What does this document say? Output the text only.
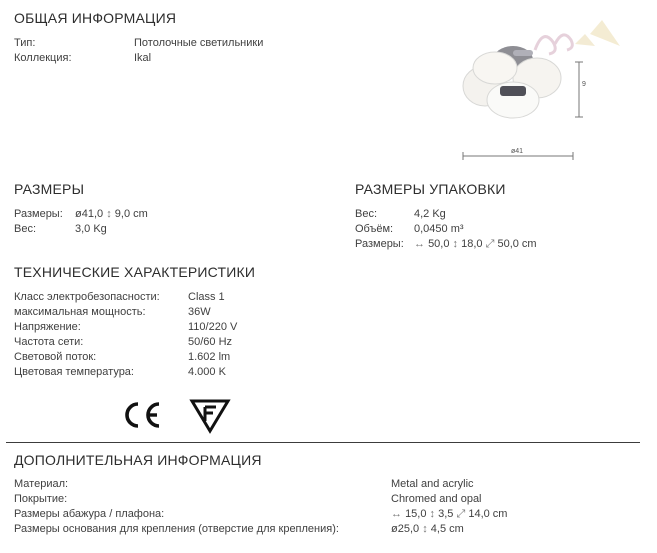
ОБЩАЯ ИНФОРМАЦИЯ
Тип:	Потолочные светильники
Коллекция:	Ikal
9
ø41
РАЗМЕРЫ
Размеры: ø41,0 ↕ 9,0 cm
Вес:	3,0 Kg
РАЗМЕРЫ УПАКОВКИ
Вес:	4,2 Kg
Объём: 0,0450 m³
Размеры: ↔ 50,0 ↕ 18,0 ⤢ 50,0 cm
ТЕХНИЧЕСКИЕ ХАРАКТЕРИСТИКИ
Класс электробезопасности:	Class 1
максимальная мощность:	36W
Напряжение:	110/220 V
Частота сети:	50/60 Hz
Световой поток:	1.602 lm
Цветовая температура:	4.000 K
ДОПОЛНИТЕЛЬНАЯ ИНФОРМАЦИЯ
Материал:	Metal and acrylic
Покрытие:	Chromed and opal
Размеры абажура / плафона:	↔ 15,0 ↕ 3,5 ⤢ 14,0 cm
Размеры основания для крепления (отверстие для крепления):	ø25,0 ↕ 4,5 cm
